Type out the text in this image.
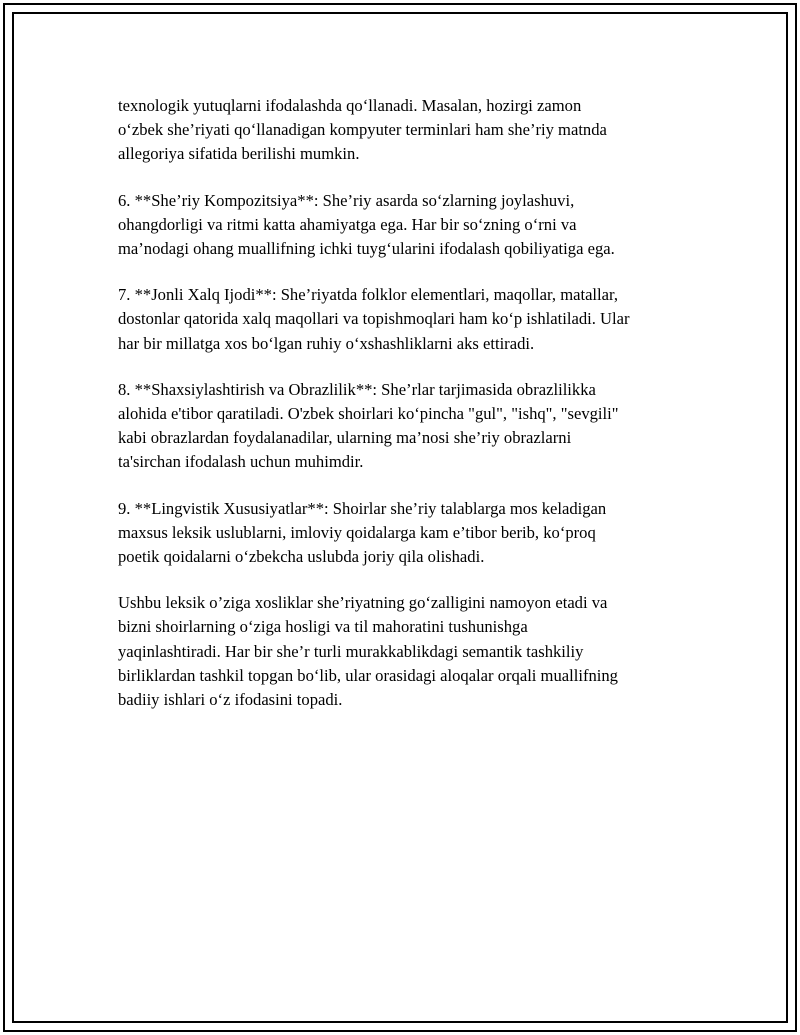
texnologik yutuqlarni ifodalashda qo‘llanadi. Masalan, hozirgi zamon
o‘zbek she’riyati qo‘llanadigan kompyuter terminlari ham she’riy matnda
allegoriya sifatida berilishi mumkin.

6. **She’riy Kompozitsiya**: She’riy asarda so‘zlarning joylashuvi,
ohangdorligi va ritmi katta ahamiyatga ega. Har bir so‘zning o‘rni va
ma’nodagi ohang muallifning ichki tuyg‘ularini ifodalash qobiliyatiga ega.

7. **Jonli Xalq Ijodi**: She’riyatda folklor elementlari, maqollar, matallar,
dostonlar qatorida xalq maqollari va topishmoqlari ham ko‘p ishlatiladi. Ular
har bir millatga xos bo‘lgan ruhiy o‘xshashliklarni aks ettiradi.

8. **Shaxsiylashtirish va Obrazlilik**: She’rlar tarjimasida obrazlilikka
alohida e'tibor qaratiladi. O'zbek shoirlari ko‘pincha "gul", "ishq", "sevgili"
kabi obrazlardan foydalanadilar, ularning ma’nosi she’riy obrazlarni
ta'sirchan ifodalash uchun muhimdir.

9. **Lingvistik Xususiyatlar**: Shoirlar she’riy talablarga mos keladigan
maxsus leksik uslublarni, imloviy qoidalarga kam e’tibor berib, ko‘proq
poetik qoidalarni o‘zbekcha uslubda joriy qila olishadi.

Ushbu leksik o’ziga xosliklar she’riyatning go‘zalligini namoyon etadi va
bizni shoirlarning o‘ziga hosligi va til mahoratini tushunishga
yaqinlashtiradi. Har bir she’r turli murakkablikdagi semantik tashkiliy
birliklardan tashkil topgan bo‘lib, ular orasidagi aloqalar orqali muallifning
badiiy ishlari o‘z ifodasini topadi.
